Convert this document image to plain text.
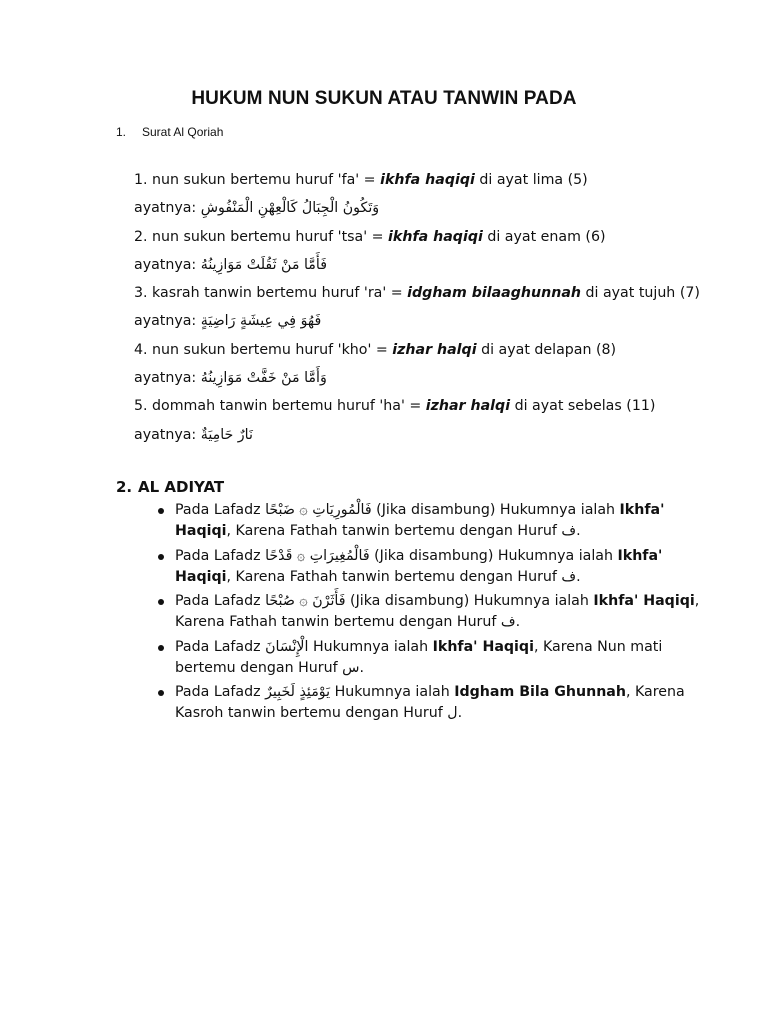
HUKUM NUN SUKUN ATAU TANWIN PADA
1. Surat Al Qoriah
1. nun sukun bertemu huruf 'fa' = ikhfa haqiqi di ayat lima (5)
ayatnya: وَتَكُونُ الْجِبَالُ كَالْعِهْنِ الْمَنْفُوشِ
2. nun sukun bertemu huruf 'tsa' = ikhfa haqiqi di ayat enam (6)
ayatnya: فَأَمَّا مَنْ ثَقُلَتْ مَوَازِينُهُ
3. kasrah tanwin bertemu huruf 'ra' = idgham bilaaghunnah di ayat tujuh (7)
ayatnya: فَهُوَ فِي عِيشَةٍ رَاضِيَةٍ
4. nun sukun bertemu huruf 'kho' = izhar halqi di ayat delapan (8)
ayatnya: وَأَمَّا مَنْ خَفَّتْ مَوَازِينُهُ
5. dommah tanwin bertemu huruf 'ha' = izhar halqi di ayat sebelas (11)
ayatnya: نَارٌ حَامِيَةٌ
2. AL ADIYAT
Pada Lafadz فَالْمُورِيَاتِ ۞ ضَبْحًا (Jika disambung) Hukumnya ialah Ikhfa' Haqiqi, Karena Fathah tanwin bertemu dengan Huruf ف.
Pada Lafadz فَالْمُغِيرَاتِ ۞ قَدْحًا (Jika disambung) Hukumnya ialah Ikhfa' Haqiqi, Karena Fathah tanwin bertemu dengan Huruf ف.
Pada Lafadz فَأَثَرْنَ ۞ صُبْحًا (Jika disambung) Hukumnya ialah Ikhfa' Haqiqi, Karena Fathah tanwin bertemu dengan Huruf ف.
Pada Lafadz الْإِنْسَانَ Hukumnya ialah Ikhfa' Haqiqi, Karena Nun mati bertemu dengan Huruf س.
Pada Lafadz يَوْمَئِذٍ لَخَبِيرٌ Hukumnya ialah Idgham Bila Ghunnah, Karena Kasroh tanwin bertemu dengan Huruf ل.
